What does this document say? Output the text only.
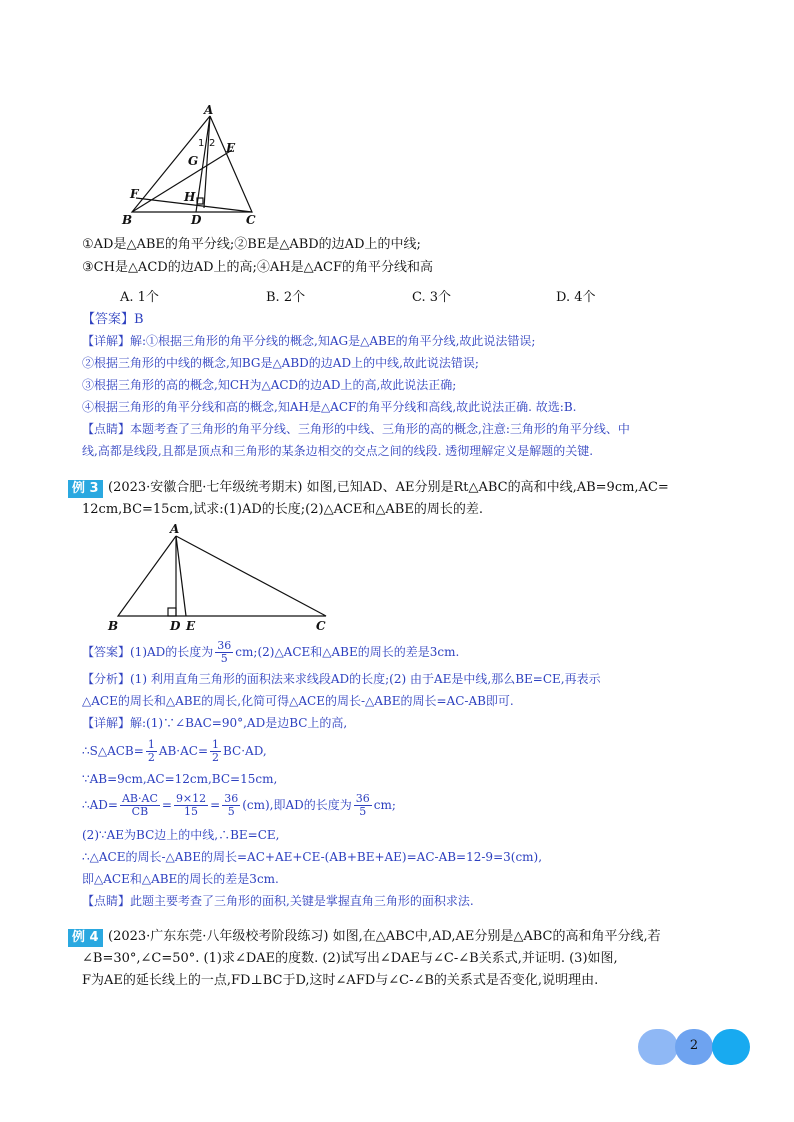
A
B	C
D
E
F
G
H
1 2
①AD是△ABE的角平分线;②BE是△ABD的边AD上的中线;
③CH是△ACD的边AD上的高;④AH是△ACF的角平分线和高
A. 1个	B. 2个	C. 3个	D. 4个
【答案】B
【详解】解:①根据三角形的角平分线的概念,知AG是△ABE的角平分线,故此说法错误;
②根据三角形的中线的概念,知BG是△ABD的边AD上的中线,故此说法错误;
③根据三角形的高的概念,知CH为△ACD的边AD上的高,故此说法正确;
④根据三角形的角平分线和高的概念,知AH是△ACF的角平分线和高线,故此说法正确. 故选:B.
【点睛】本题考查了三角形的角平分线、三角形的中线、三角形的高的概念,注意:三角形的角平分线、中
线,高都是线段,且都是顶点和三角形的某条边相交的交点之间的线段. 透彻理解定义是解题的关键.
例 3 (2023·安徽合肥·七年级统考期末) 如图,已知AD、AE分别是Rt△ABC的高和中线,AB=9cm,AC=
12cm,BC=15cm,试求:(1)AD的长度;(2)△ACE和△ABE的周长的差.
A
B	C
D E
【答案】(1)AD的长度为 $\frac{36}{5}$ cm;(2)△ACE和△ABE的周长的差是3cm.
【分析】(1) 利用直角三角形的面积法来求线段AD的长度;(2) 由于AE是中线,那么BE=CE,再表示
△ACE的周长和△ABE的周长,化简可得△ACE的周长-△ABE的周长=AC-AB即可.
【详解】解:(1)∵∠BAC=90°,AD是边BC上的高,
∴S△ACB= $\frac{1}{2} AB\cdot AC= \frac{1}{2} BC\cdot AD$,
∵AB=9cm,AC=12cm,BC=15cm,
∴AD= $\frac{AB\cdot AC}{CB} = \frac{9\times 12}{15} = \frac{36}{5} (cm)$,即AD的长度为 $\frac{36}{5}$ cm;
(2)∵AE为BC边上的中线,∴BE=CE,
∴△ACE的周长-△ABE的周长=AC+AE+CE-(AB+BE+AE)=AC-AB=12-9=3(cm),
即△ACE和△ABE的周长的差是3cm.
【点睛】此题主要考查了三角形的面积,关键是掌握直角三角形的面积求法.
例 4 (2023·广东东莞·八年级校考阶段练习) 如图,在△ABC中,AD,AE分别是△ABC的高和角平分线,若
∠B=30°,∠C=50°. (1)求∠DAE的度数. (2)试写出∠DAE与∠C-∠B关系式,并证明. (3)如图,
F为AE的延长线上的一点,FD⊥BC于D,这时∠AFD与∠C-∠B的关系式是否变化,说明理由.
2
